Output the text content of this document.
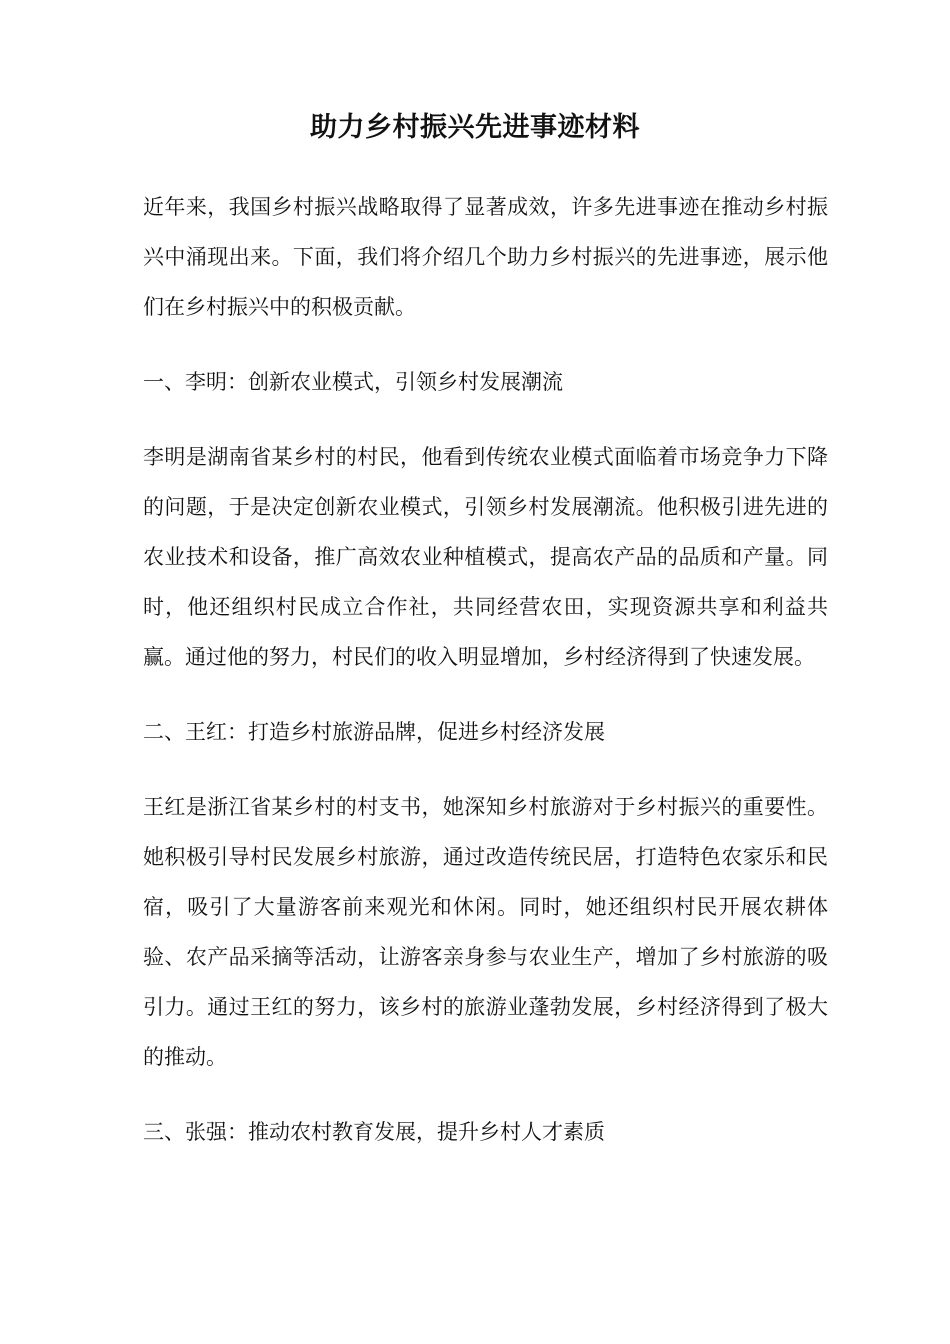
助力乡村振兴先进事迹材料

近年来，我国乡村振兴战略取得了显著成效，许多先进事迹在推动乡村振兴中涌现出来。下面，我们将介绍几个助力乡村振兴的先进事迹，展示他们在乡村振兴中的积极贡献。

一、李明：创新农业模式，引领乡村发展潮流

李明是湖南省某乡村的村民，他看到传统农业模式面临着市场竞争力下降的问题，于是决定创新农业模式，引领乡村发展潮流。他积极引进先进的农业技术和设备，推广高效农业种植模式，提高农产品的品质和产量。同时，他还组织村民成立合作社，共同经营农田，实现资源共享和利益共赢。通过他的努力，村民们的收入明显增加，乡村经济得到了快速发展。

二、王红：打造乡村旅游品牌，促进乡村经济发展

王红是浙江省某乡村的村支书，她深知乡村旅游对于乡村振兴的重要性。她积极引导村民发展乡村旅游，通过改造传统民居，打造特色农家乐和民宿，吸引了大量游客前来观光和休闲。同时，她还组织村民开展农耕体验、农产品采摘等活动，让游客亲身参与农业生产，增加了乡村旅游的吸引力。通过王红的努力，该乡村的旅游业蓬勃发展，乡村经济得到了极大的推动。

三、张强：推动农村教育发展，提升乡村人才素质
